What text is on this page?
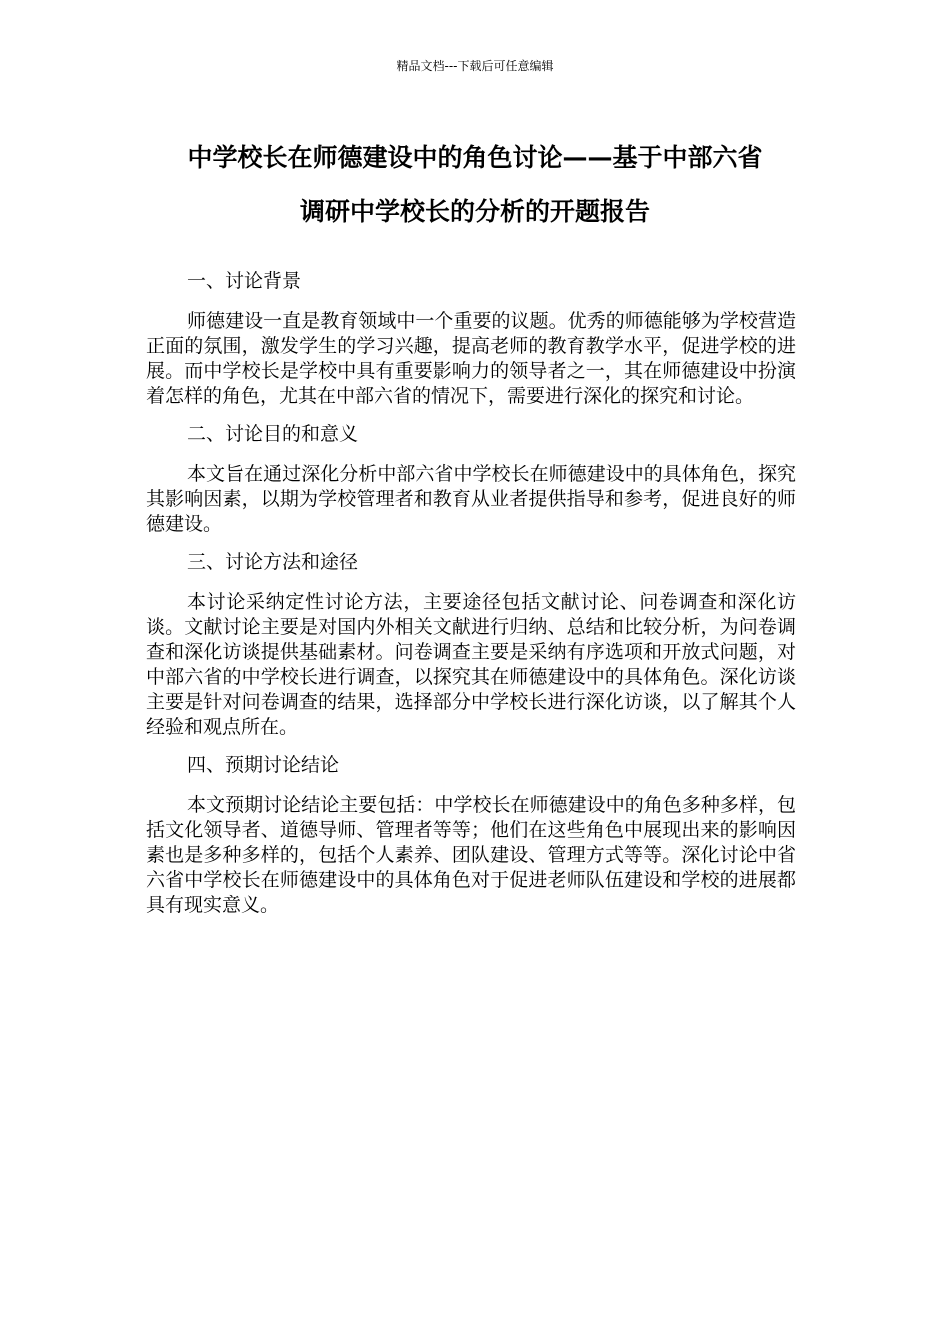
精品文档---下载后可任意编辑
中学校长在师德建设中的角色讨论——基于中部六省
调研中学校长的分析的开题报告

一、讨论背景

师德建设一直是教育领域中一个重要的议题。优秀的师德能够为学校营造正面的氛围，激发学生的学习兴趣，提高老师的教育教学水平，促进学校的进展。而中学校长是学校中具有重要影响力的领导者之一，其在师德建设中扮演着怎样的角色，尤其在中部六省的情况下，需要进行深化的探究和讨论。

二、讨论目的和意义

本文旨在通过深化分析中部六省中学校长在师德建设中的具体角色，探究其影响因素，以期为学校管理者和教育从业者提供指导和参考，促进良好的师德建设。

三、讨论方法和途径

本讨论采纳定性讨论方法，主要途径包括文献讨论、问卷调查和深化访谈。文献讨论主要是对国内外相关文献进行归纳、总结和比较分析，为问卷调查和深化访谈提供基础素材。问卷调查主要是采纳有序选项和开放式问题，对中部六省的中学校长进行调查，以探究其在师德建设中的具体角色。深化访谈主要是针对问卷调查的结果，选择部分中学校长进行深化访谈，以了解其个人经验和观点所在。

四、预期讨论结论

本文预期讨论结论主要包括：中学校长在师德建设中的角色多种多样，包括文化领导者、道德导师、管理者等等；他们在这些角色中展现出来的影响因素也是多种多样的，包括个人素养、团队建设、管理方式等等。深化讨论中省六省中学校长在师德建设中的具体角色对于促进老师队伍建设和学校的进展都具有现实意义。
